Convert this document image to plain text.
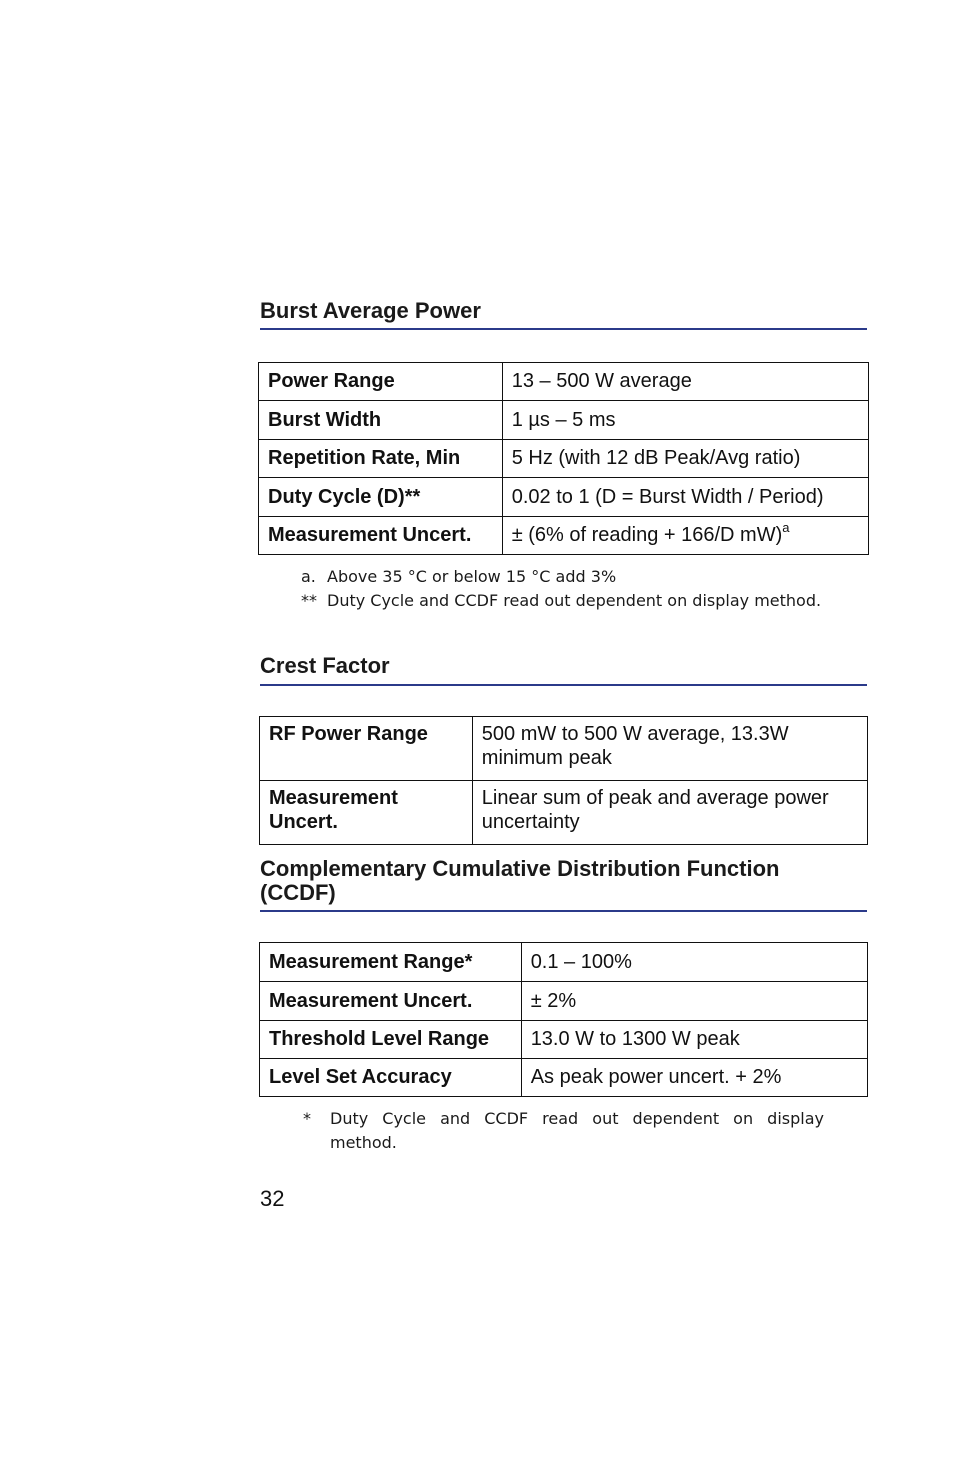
Burst Average Power
Power Range	13 – 500 W average
Burst Width	1 µs – 5 ms
Repetition Rate, Min	5 Hz (with 12 dB Peak/Avg ratio)
Duty Cycle (D)**	0.02 to 1 (D = Burst Width / Period)
Measurement Uncert.	± (6% of reading + 166/D mW)$^a$
a. Above 35 °C or below 15 °C add 3%
** Duty Cycle and CCDF read out dependent on display method.
Crest Factor
RF Power Range	500 mW to 500 W average, 13.3W minimum peak
Measurement Uncert.	Linear sum of peak and average power uncertainty
Complementary Cumulative Distribution Function (CCDF)
Measurement Range*	0.1 – 100%
Measurement Uncert.	± 2%
Threshold Level Range	13.0 W to 1300 W peak
Level Set Accuracy	As peak power uncert. + 2%
*	Duty Cycle and CCDF read out dependent on display method.
32
